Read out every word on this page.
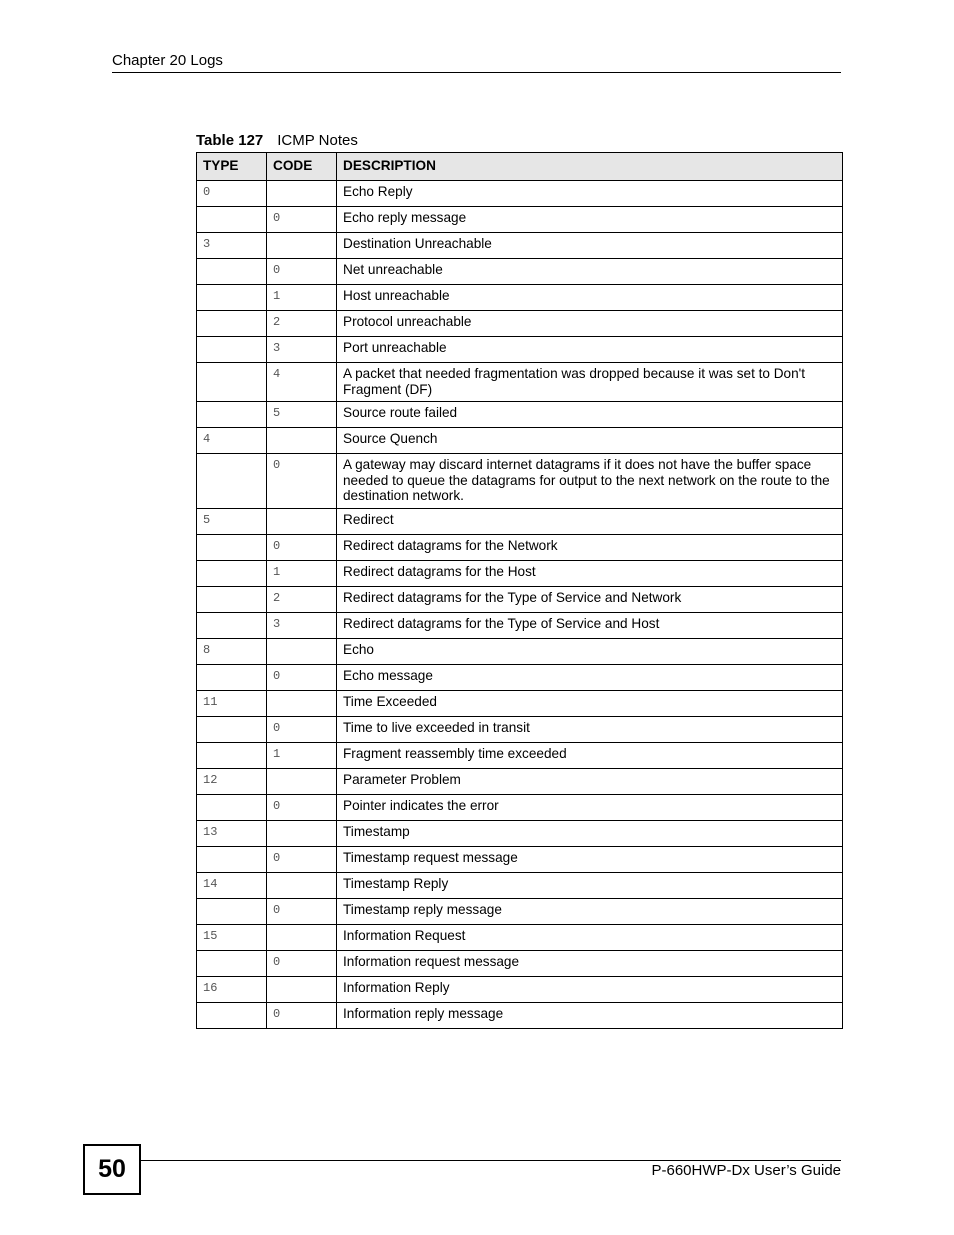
Chapter 20 Logs
Table 127 ICMP Notes
TYPE	CODE	DESCRIPTION
0		Echo Reply
	0	Echo reply message
3		Destination Unreachable
	0	Net unreachable
	1	Host unreachable
	2	Protocol unreachable
	3	Port unreachable
	4	A packet that needed fragmentation was dropped because it was set to Don't Fragment (DF)
	5	Source route failed
4		Source Quench
	0	A gateway may discard internet datagrams if it does not have the buffer space needed to queue the datagrams for output to the next network on the route to the destination network.
5		Redirect
	0	Redirect datagrams for the Network
	1	Redirect datagrams for the Host
	2	Redirect datagrams for the Type of Service and Network
	3	Redirect datagrams for the Type of Service and Host
8		Echo
	0	Echo message
11		Time Exceeded
	0	Time to live exceeded in transit
	1	Fragment reassembly time exceeded
12		Parameter Problem
	0	Pointer indicates the error
13		Timestamp
	0	Timestamp request message
14		Timestamp Reply
	0	Timestamp reply message
15		Information Request
	0	Information request message
16		Information Reply
	0	Information reply message
50	P-660HWP-Dx User’s Guide
